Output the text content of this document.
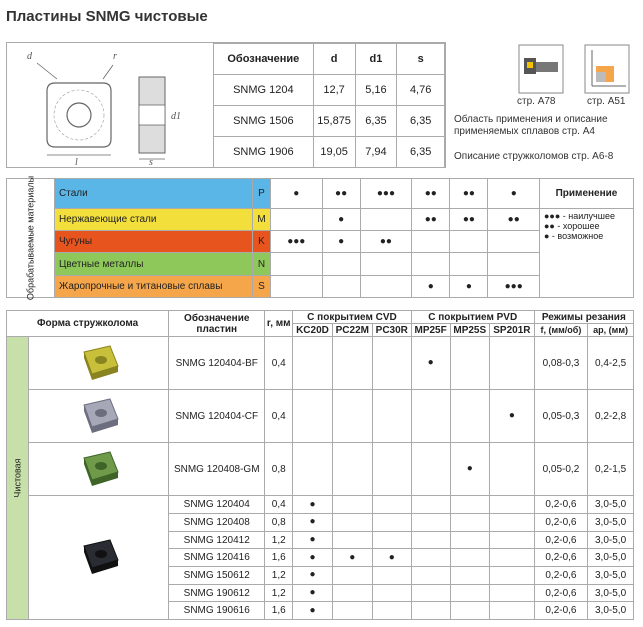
Пластины SNMG чистовые
d	r
d1
l	s
Обозначение	d	d1	s
SNMG 1204	12,7	5,16	4,76
SNMG 1506	15,875	6,35	6,35
SNMG 1906	19,05	7,94	6,35
стр. A78	стр. A51
Область применения и описание применяемых сплавов стр. A4
Описание стружколомов стр. A6-8
Обрабатываемые материалы	Стали	P	●	●●	●●●	●●	●●	●	Применение
	Нержавеющие стали	M		●		●●	●●	●●	●●● - наилучшее
●● - хорошее
● - возможное

	Чугуны	K	●●●	●	●●				
	Цветные металлы	N							
	Жаропрочные и титановые сплавы	S				●	●	●●●	
Форма стружколома		Обозначение пластин	r, мм	С покрытием CVD			С покрытием PVD			Режимы резания	
				KC20D	PC22M	PC30R	MP25F	MP25S	SP201R	f, (мм/об)	ap, (мм)

Чистовая		SNMG 120404-BF	0,4				●			0,08-0,3	0,4-2,5
	SNMG 120404-CF	0,4						●	0,05-0,3	0,2-2,8
	SNMG 120408-GM	0,8					●		0,05-0,2	0,2-1,5
	SNMG 120404	0,4	●						0,2-0,6	3,0-5,0
		SNMG 120408	0,8	●						0,2-0,6	3,0-5,0
		SNMG 120412	1,2	●						0,2-0,6	3,0-5,0
		SNMG 120416	1,6	●	●	●				0,2-0,6	3,0-5,0
		SNMG 150612	1,2	●						0,2-0,6	3,0-5,0
		SNMG 190612	1,2	●						0,2-0,6	3,0-5,0
		SNMG 190616	1,6	●						0,2-0,6	3,0-5,0
